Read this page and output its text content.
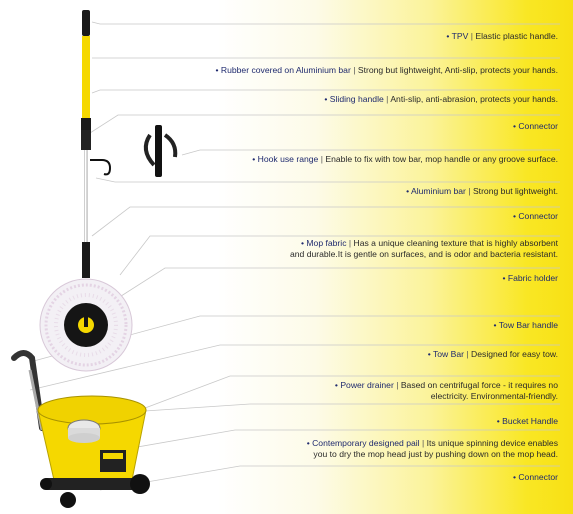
• TPV | Elastic plastic handle.
• Rubber covered on Aluminium bar | Strong but lightweight, Anti-slip, protects your hands.
• Sliding handle | Anti-slip, anti-abrasion, protects your hands.
• Connector
• Hook use range | Enable to fix with tow bar, mop handle or any groove surface.
• Aluminium bar | Strong but lightweight.
• Connector
• Mop fabric | Has a unique cleaning texture that is highly absorbent
and durable.It is gentle on surfaces, and is odor and bacteria resistant.
• Fabric holder
• Tow Bar handle
• Tow Bar | Designed for easy tow.
• Power drainer | Based on centrifugal force - it requires no
electricity. Environmental-friendly.
• Bucket Handle
• Contemporary designed pail | Its unique spinning device enables
you to dry the mop head just by pushing down on the mop head.
• Connector
